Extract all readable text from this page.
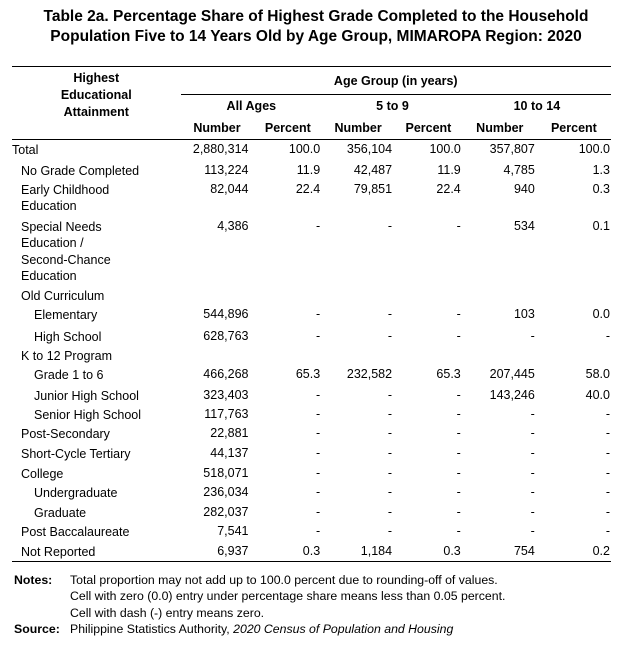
Table 2a. Percentage Share of Highest Grade Completed to the Household
Population Five to 14 Years Old by Age Group, MIMAROPA Region: 2020
Highest
Educational
Attainment	Age Group (in years)					
	All Ages		5 to 9		10 to 14	
	Number	Percent	Number	Percent	Number	Percent

Total	2,880,314	100.0	356,104	100.0	357,807	100.0

No Grade Completed	113,224	11.9	42,487	11.9	4,785	1.3

Early Childhood
Education	82,044	22.4	79,851	22.4	940	0.3

Special Needs
Education /
Second-Chance
Education	4,386	-	-	-	534	0.1

Old Curriculum						

Elementary	544,896	-	-	-	103	0.0

High School	628,763	-	-	-	-	-

K to 12 Program						

Grade 1 to 6	466,268	65.3	232,582	65.3	207,445	58.0

Junior High School	323,403	-	-	-	143,246	40.0

Senior High School	117,763	-	-	-	-	-

Post-Secondary	22,881	-	-	-	-	-

Short-Cycle Tertiary	44,137	-	-	-	-	-

College	518,071	-	-	-	-	-

Undergraduate	236,034	-	-	-	-	-

Graduate	282,037	-	-	-	-	-

Post Baccalaureate	7,541	-	-	-	-	-

Not Reported	6,937	0.3	1,184	0.3	754	0.2
Notes:	Total proportion may not add up to 100.0 percent due to rounding-off of values.
Cell with zero (0.0) entry under percentage share means less than 0.05 percent.
Cell with dash (-) entry means zero.
Source: Philippine Statistics Authority, 2020 Census of Population and Housing
